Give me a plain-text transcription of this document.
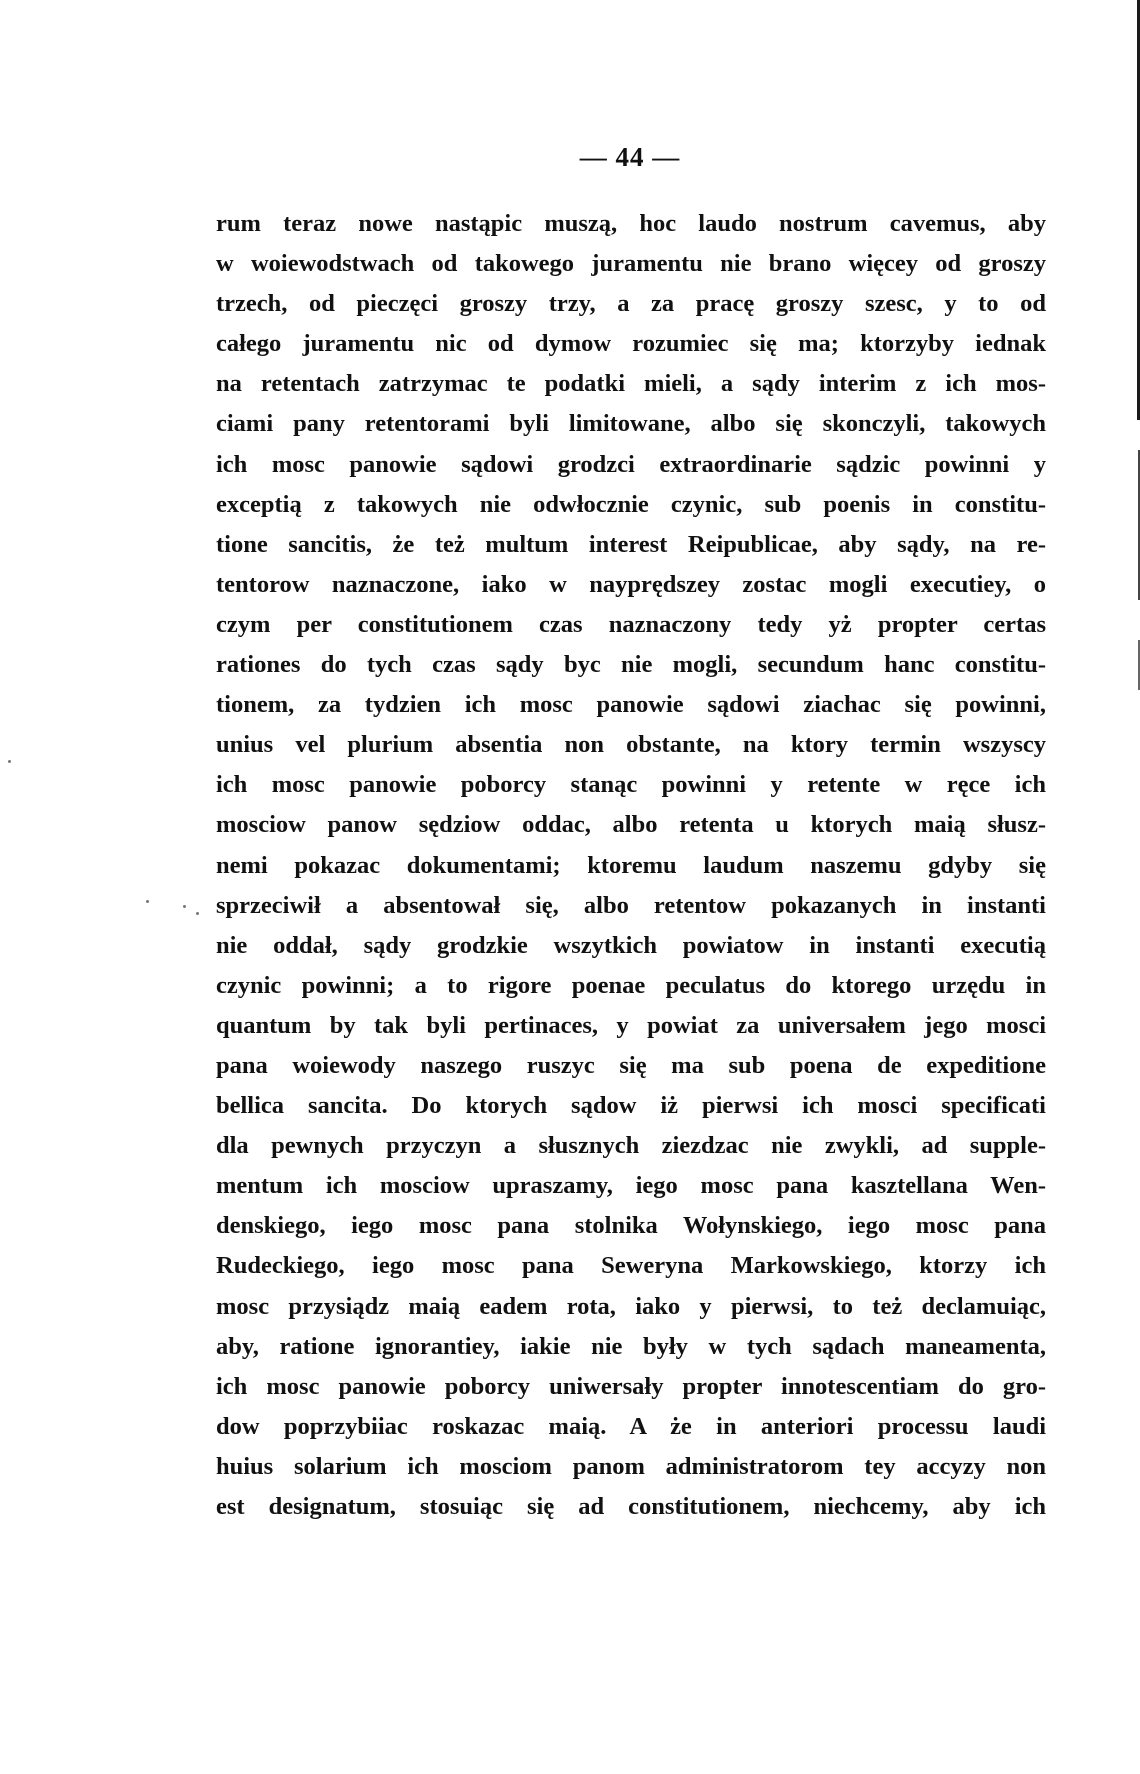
— 44 —
rum teraz nowe nastąpic muszą, hoc laudo nostrum cavemus, aby
w woiewodstwach od takowego juramentu nie brano więcey od groszy
trzech, od pieczęci groszy trzy, a za pracę groszy szesc, y to od
całego juramentu nic od dymow rozumiec się ma; ktorzyby iednak
na retentach zatrzymac te podatki mieli, a sądy interim z ich mos-
ciami pany retentorami byli limitowane, albo się skonczyli, takowych
ich mosc panowie sądowi grodzci extraordinarie sądzic powinni y
exceptią z takowych nie odwłocznie czynic, sub poenis in constitu-
tione sancitis, że też multum interest Reipublicae, aby sądy, na re-
tentorow naznaczone, iako w nayprędszey zostac mogli executiey, o
czym per constitutionem czas naznaczony tedy yż propter certas
rationes do tych czas sądy byc nie mogli, secundum hanc constitu-
tionem, za tydzien ich mosc panowie sądowi ziachac się powinni,
unius vel plurium absentia non obstante, na ktory termin wszyscy
ich mosc panowie poborcy stanąc powinni y retente w ręce ich
mosciow panow sędziow oddac, albo retenta u ktorych maią słusz-
nemi pokazac dokumentami; ktoremu laudum naszemu gdyby się
sprzeciwił a absentował się, albo retentow pokazanych in instanti
nie oddał, sądy grodzkie wszytkich powiatow in instanti executią
czynic powinni; a to rigore poenae peculatus do ktorego urzędu in
quantum by tak byli pertinaces, y powiat za universałem jego mosci
pana woiewody naszego ruszyc się ma sub poena de expeditione
bellica sancita. Do ktorych sądow iż pierwsi ich mosci specificati
dla pewnych przyczyn a słusznych ziezdzac nie zwykli, ad supple-
mentum ich mosciow upraszamy, iego mosc pana kasztellana Wen-
denskiego, iego mosc pana stolnika Wołynskiego, iego mosc pana
Rudeckiego, iego mosc pana Seweryna Markowskiego, ktorzy ich
mosc przysiądz maią eadem rota, iako y pierwsi, to też declamuiąc,
aby, ratione ignorantiey, iakie nie były w tych sądach maneamenta,
ich mosc panowie poborcy uniwersały propter innotescentiam do gro-
dow poprzybiiac roskazac maią. A że in anteriori processu laudi
huius solarium ich mosciom panom administratorom tey accyzy non
est designatum, stosuiąc się ad constitutionem, niechcemy, aby ich
